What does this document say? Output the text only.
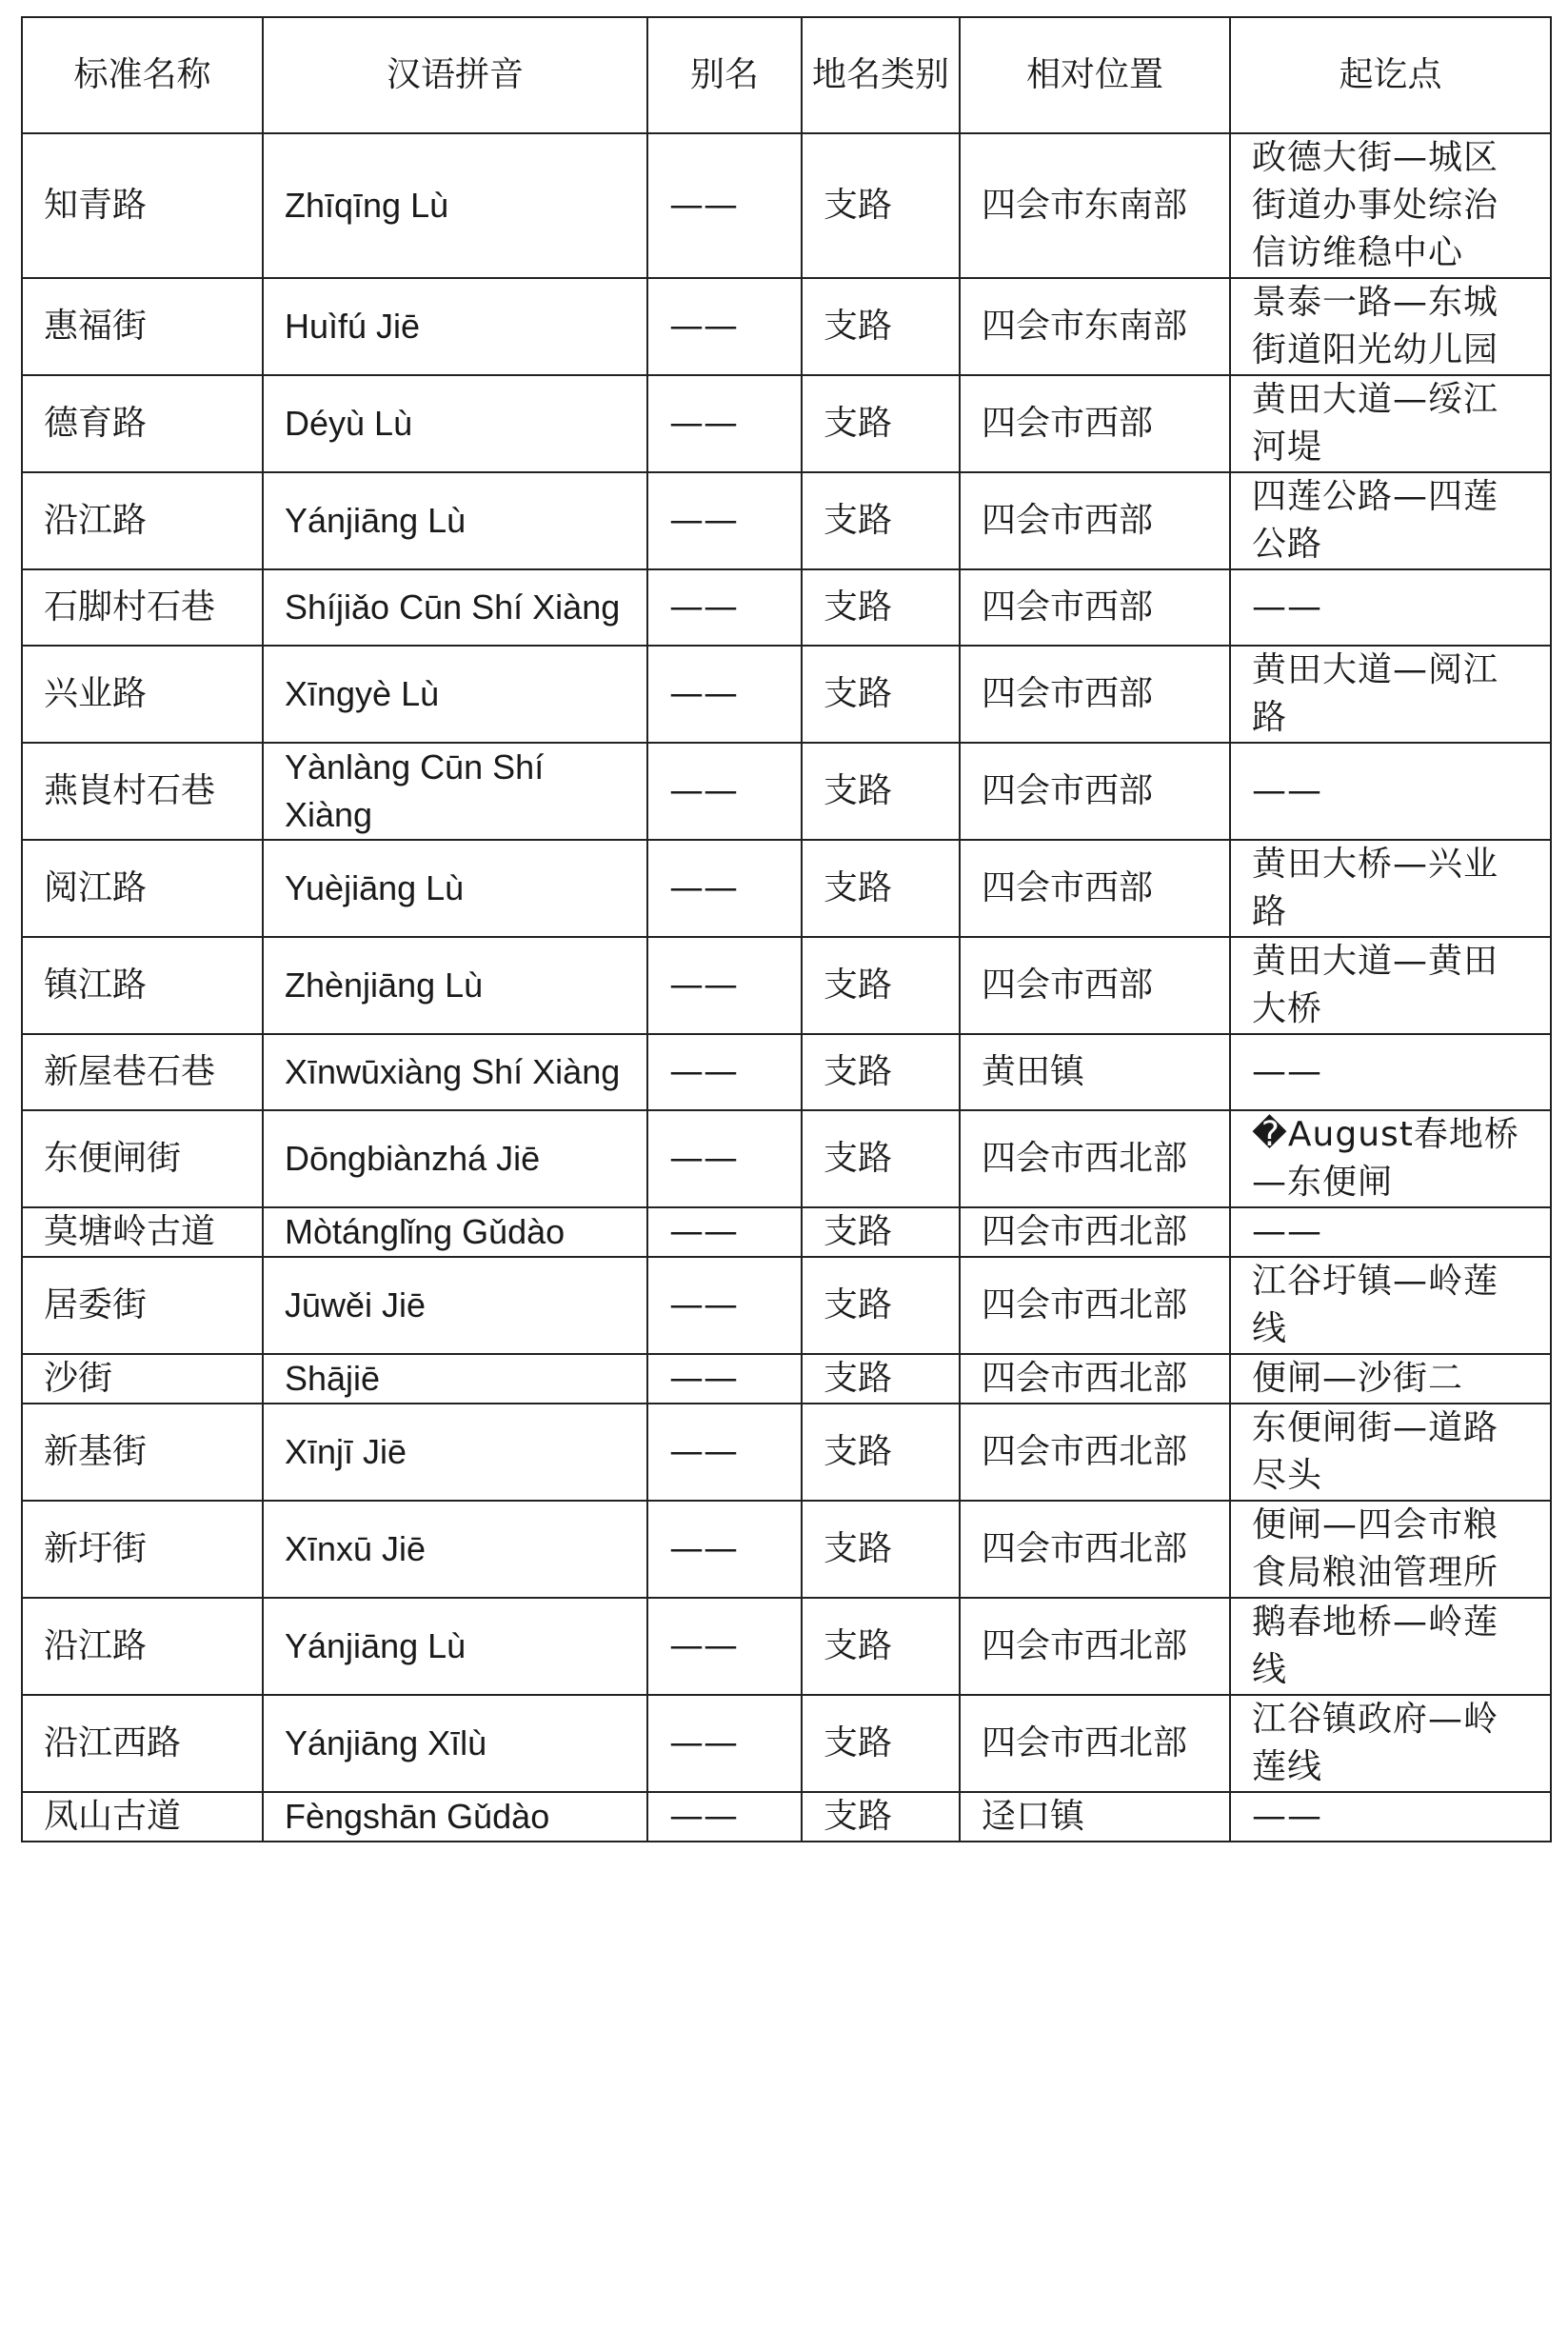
标准名称	汉语拼音	别名	地名类别	相对位置	起讫点
知青路	Zhīqīng Lù	——	支路	四会市东南部	政德大街—城区街道办事处综治信访维稳中心
惠福街	Huìfú Jiē	——	支路	四会市东南部	景泰一路—东城街道阳光幼儿园
德育路	Déyù Lù	——	支路	四会市西部	黄田大道—绥江河堤
沿江路	Yánjiāng Lù	——	支路	四会市西部	四莲公路—四莲公路
石脚村石巷	Shíjiǎo Cūn Shí Xiàng	——	支路	四会市西部	——
兴业路	Xīngyè Lù	——	支路	四会市西部	黄田大道—阅江路
燕崀村石巷	Yànlàng Cūn Shí Xiàng	——	支路	四会市西部	——
阅江路	Yuèjiāng Lù	——	支路	四会市西部	黄田大桥—兴业路
镇江路	Zhènjiāng Lù	——	支路	四会市西部	黄田大道—黄田大桥
新屋巷石巷	Xīnwūxiàng Shí Xiàng	——	支路	黄田镇	——
东便闸街	Dōngbiànzhá Jiē	——	支路	四会市西北部	�August春地桥—东便闸
莫塘岭古道	Mòtánglǐng Gǔdào	——	支路	四会市西北部	——
居委街	Jūwěi Jiē	——	支路	四会市西北部	江谷圩镇—岭莲线
沙街	Shājiē	——	支路	四会市西北部	便闸—沙街二
新基街	Xīnjī Jiē	——	支路	四会市西北部	东便闸街—道路尽头
新圩街	Xīnxū Jiē	——	支路	四会市西北部	便闸—四会市粮食局粮油管理所
沿江路	Yánjiāng Lù	——	支路	四会市西北部	鹅春地桥—岭莲线
沿江西路	Yánjiāng Xīlù	——	支路	四会市西北部	江谷镇政府—岭莲线
凤山古道	Fèngshān Gǔdào	——	支路	迳口镇	——
